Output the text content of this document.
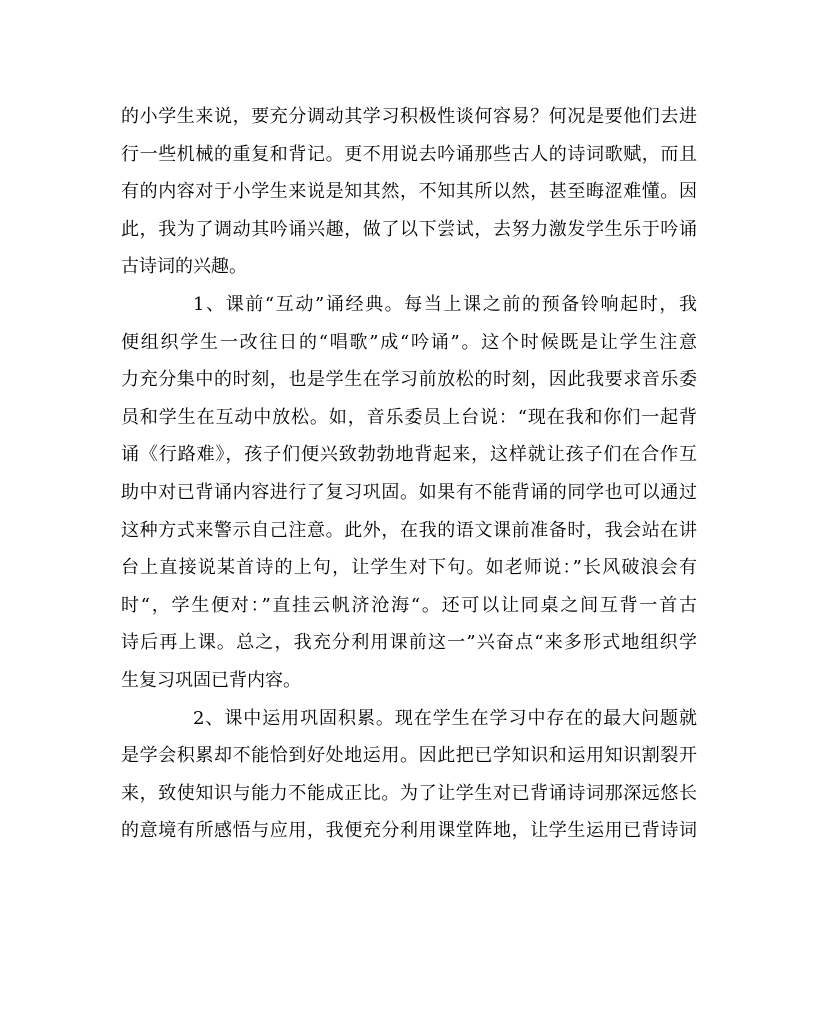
的小学生来说，要充分调动其学习积极性谈何容易？何况是要他们去进
行一些机械的重复和背记。更不用说去吟诵那些古人的诗词歌赋，而且
有的内容对于小学生来说是知其然，不知其所以然，甚至晦涩难懂。因
此，我为了调动其吟诵兴趣，做了以下尝试，去努力激发学生乐于吟诵
古诗词的兴趣。
1、课前“互动”诵经典。每当上课之前的预备铃响起时，我
便组织学生一改往日的“唱歌”成“吟诵”。这个时候既是让学生注意
力充分集中的时刻，也是学生在学习前放松的时刻，因此我要求音乐委
员和学生在互动中放松。如，音乐委员上台说：“现在我和你们一起背
诵《行路难》，孩子们便兴致勃勃地背起来，这样就让孩子们在合作互
助中对已背诵内容进行了复习巩固。如果有不能背诵的同学也可以通过
这种方式来警示自己注意。此外，在我的语文课前准备时，我会站在讲
台上直接说某首诗的上句，让学生对下句。如老师说：”长风破浪会有
时“，学生便对：”直挂云帆济沧海“。还可以让同桌之间互背一首古
诗后再上课。总之，我充分利用课前这一”兴奋点“来多形式地组织学
生复习巩固已背内容。
2、课中运用巩固积累。现在学生在学习中存在的最大问题就
是学会积累却不能恰到好处地运用。因此把已学知识和运用知识割裂开
来，致使知识与能力不能成正比。为了让学生对已背诵诗词那深远悠长
的意境有所感悟与应用，我便充分利用课堂阵地，让学生运用已背诗词
